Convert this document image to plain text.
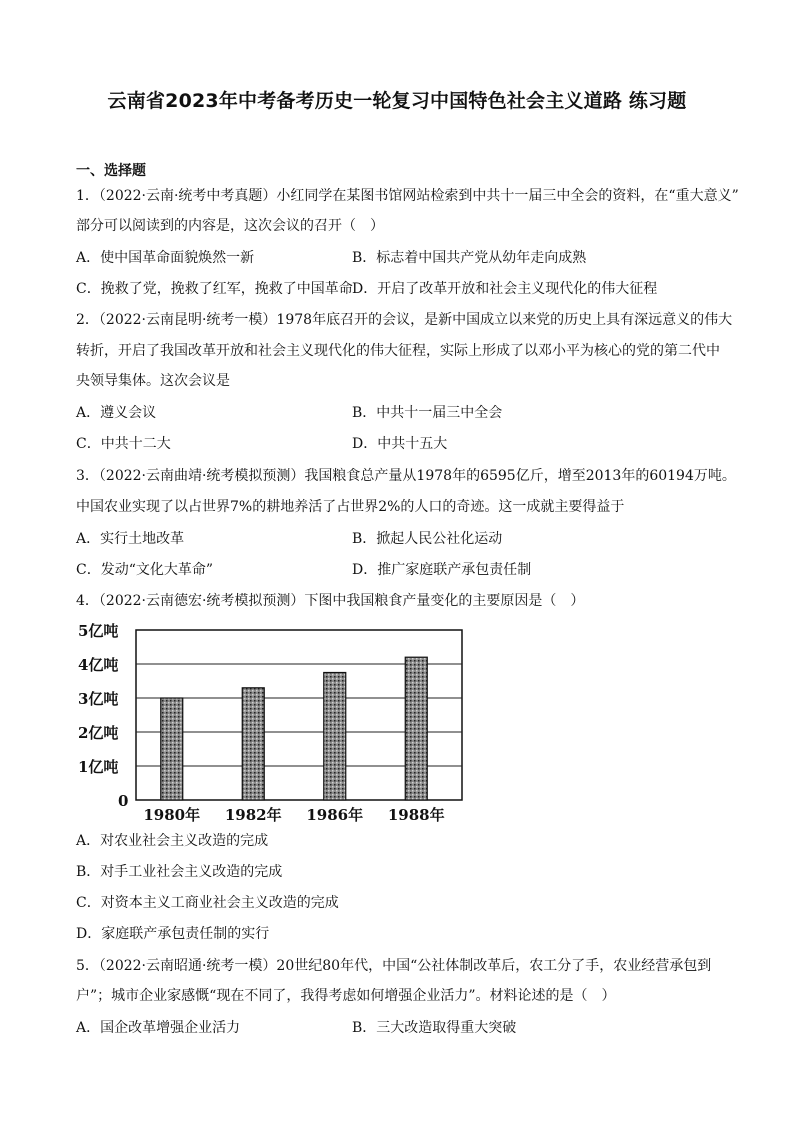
云南省2023年中考备考历史一轮复习中国特色社会主义道路 练习题
一、选择题
1．（2022·云南·统考中考真题）小红同学在某图书馆网站检索到中共十一届三中全会的资料，在“重大意义”
部分可以阅读到的内容是，这次会议的召开（　）
A．使中国革命面貌焕然一新	B．标志着中国共产党从幼年走向成熟
C．挽救了党，挽救了红军，挽救了中国革命 D．开启了改革开放和社会主义现代化的伟大征程
2．（2022·云南昆明·统考一模）1978年底召开的会议，是新中国成立以来党的历史上具有深远意义的伟大
转折，开启了我国改革开放和社会主义现代化的伟大征程，实际上形成了以邓小平为核心的党的第二代中
央领导集体。这次会议是
A．遵义会议	B．中共十一届三中全会
C．中共十二大	D．中共十五大
3．（2022·云南曲靖·统考模拟预测）我国粮食总产量从1978年的6595亿斤，增至2013年的60194万吨。
中国农业实现了以占世界7%的耕地养活了占世界2%的人口的奇迹。这一成就主要得益于
A．实行土地改革	B．掀起人民公社化运动
C．发动“文化大革命”	D．推广家庭联产承包责任制
4．（2022·云南德宏·统考模拟预测）下图中我国粮食产量变化的主要原因是（　）
0
1亿吨
2亿吨
3亿吨
4亿吨
5亿吨
1980年 1982年 1986年 1988年
A．对农业社会主义改造的完成
B．对手工业社会主义改造的完成
C．对资本主义工商业社会主义改造的完成
D．家庭联产承包责任制的实行
5．（2022·云南昭通·统考一模）20世纪80年代，中国“公社体制改革后，农工分了手，农业经营承包到
户”；城市企业家感慨“现在不同了，我得考虑如何增强企业活力”。材料论述的是（　）
A．国企改革增强企业活力	B．三大改造取得重大突破
